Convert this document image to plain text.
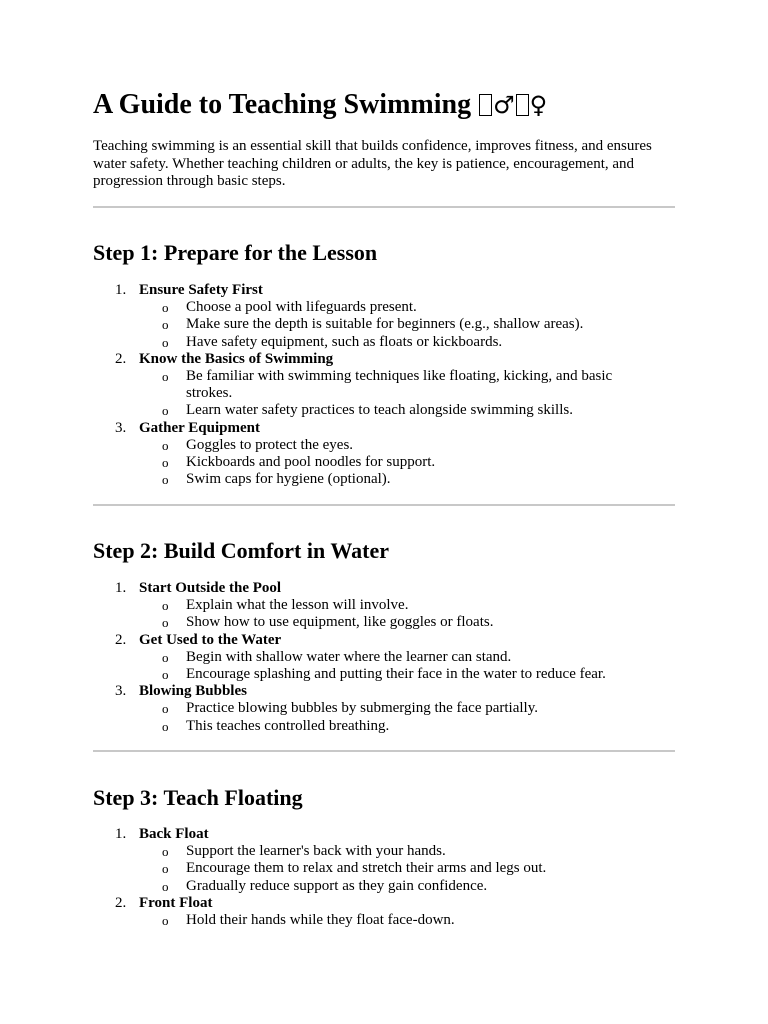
A Guide to Teaching Swimming ♂ ♀

Teaching swimming is an essential skill that builds confidence, improves fitness, and ensures water safety. Whether teaching children or adults, the key is patience, encouragement, and progression through basic steps.

Step 1: Prepare for the Lesson
1. Ensure Safety First
o Choose a pool with lifeguards present.
o Make sure the depth is suitable for beginners (e.g., shallow areas).
o Have safety equipment, such as floats or kickboards.
2. Know the Basics of Swimming
o Be familiar with swimming techniques like floating, kicking, and basic strokes.
o Learn water safety practices to teach alongside swimming skills.
3. Gather Equipment
o Goggles to protect the eyes.
o Kickboards and pool noodles for support.
o Swim caps for hygiene (optional).
Step 2: Build Comfort in Water
1. Start Outside the Pool
o Explain what the lesson will involve.
o Show how to use equipment, like goggles or floats.
2. Get Used to the Water
o Begin with shallow water where the learner can stand.
o Encourage splashing and putting their face in the water to reduce fear.
3. Blowing Bubbles
o Practice blowing bubbles by submerging the face partially.
o This teaches controlled breathing.
Step 3: Teach Floating
1. Back Float
o Support the learner's back with your hands.
o Encourage them to relax and stretch their arms and legs out.
o Gradually reduce support as they gain confidence.
2. Front Float
o Hold their hands while they float face-down.
